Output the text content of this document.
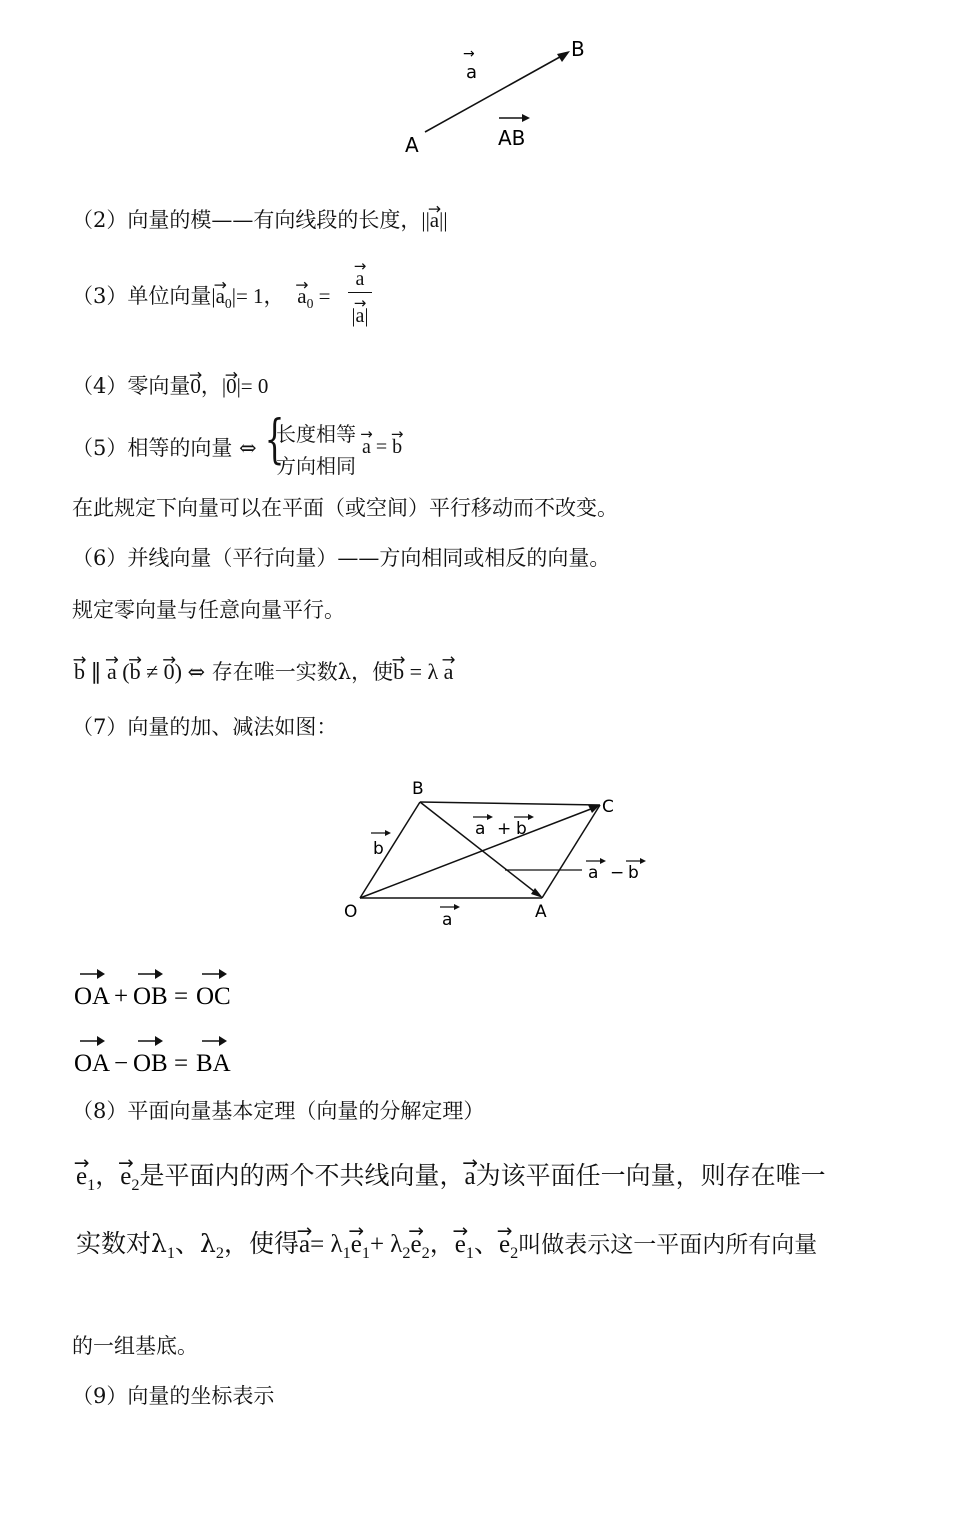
a
→	B
A	AB
（2）向量的模——有向线段的长度，|→ |a||
（3）单位向量|→ $a_0|= 1$， → $a_0$ =
→ a
|→ a|
（4）零向量→ 0，|→ 0|= 0
（5）相等的向量 ⇔ {
长度相等
方向相同
→ a = → b
在此规定下向量可以在平面（或空间）平行移动而不改变。
（6）并线向量（平行向量）——方向相同或相反的向量。
规定零向量与任意向量平行。
→ b ∥ → a (→ b ≠ → 0) ⇔ 存在唯一实数λ，使→ b = λ → a
（7）向量的加、减法如图：
B
C
O	A
b
a
a + b
a − b
OA + OB = OC
OA − OB = BA
（8）平面向量基本定理（向量的分解定理）
→ $e_1$，→ $e_2$是平面内的两个不共线向量，→ a为该平面任一向量，则存在唯一
实数对$\lambda_1$、$\lambda_2$，使得→ $a= \lambda_1\to e_1+ \lambda_2\to e_2$，→ $e_1$、→ $e_2$叫做表示这一平面内所有向量
的一组基底。
（9）向量的坐标表示
